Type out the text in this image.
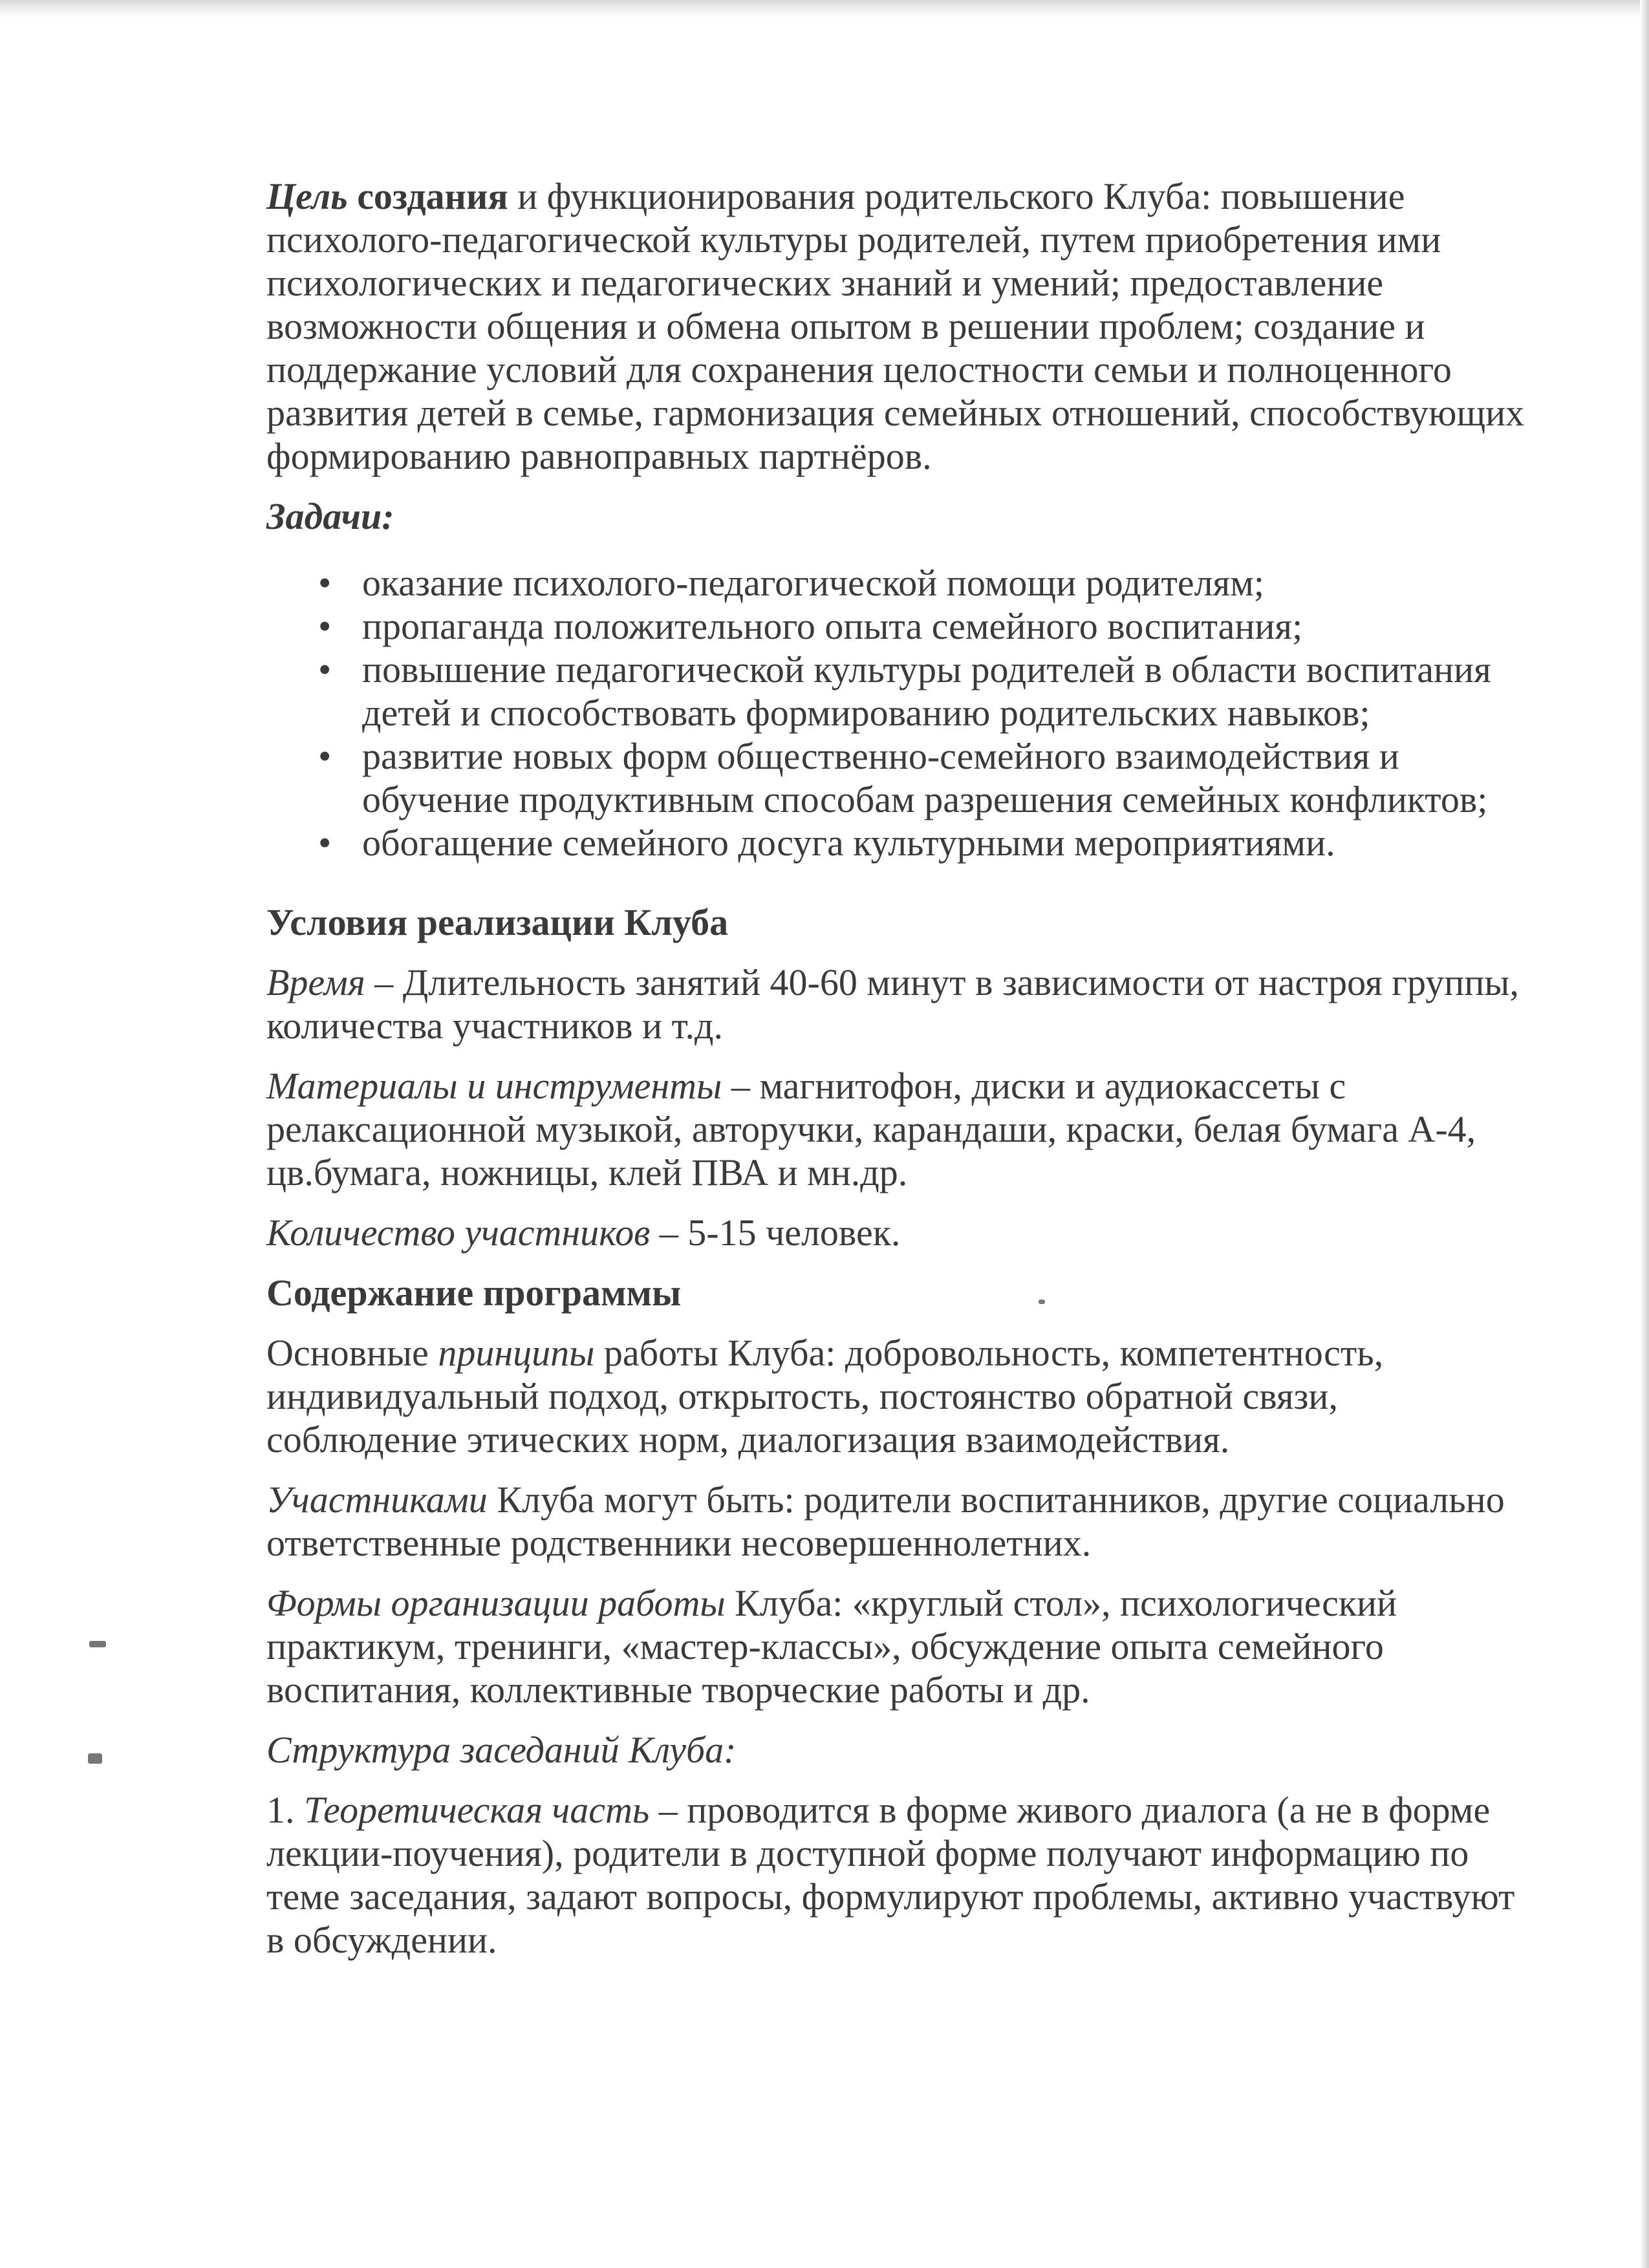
Цель создания и функционирования родительского Клуба: повышение психолого-педагогической культуры родителей, путем приобретения ими психологических и педагогических знаний и умений; предоставление возможности общения и обмена опытом в решении проблем; создание и поддержание условий для сохранения целостности семьи и полноценного развития детей в семье, гармонизация семейных отношений, способствующих формированию равноправных партнёров.

Задачи:

• оказание психолого-педагогической помощи родителям;
• пропаганда положительного опыта семейного воспитания;
• повышение педагогической культуры родителей в области воспитания детей и способствовать формированию родительских навыков;
• развитие новых форм общественно-семейного взаимодействия и обучение продуктивным способам разрешения семейных конфликтов;
• обогащение семейного досуга культурными мероприятиями.

Условия реализации Клуба

Время – Длительность занятий 40-60 минут в зависимости от настроя группы, количества участников и т.д.

Материалы и инструменты – магнитофон, диски и аудиокассеты с релаксационной музыкой, авторучки, карандаши, краски, белая бумага А-4, цв.бумага, ножницы, клей ПВА и мн.др.

Количество участников – 5-15 человек.

Содержание программы

Основные принципы работы Клуба: добровольность, компетентность, индивидуальный подход, открытость, постоянство обратной связи, соблюдение этических норм, диалогизация взаимодействия.

Участниками Клуба могут быть: родители воспитанников, другие социально ответственные родственники несовершеннолетних.

Формы организации работы Клуба: «круглый стол», психологический практикум, тренинги, «мастер-классы», обсуждение опыта семейного воспитания, коллективные творческие работы и др.

Структура заседаний Клуба:

1. Теоретическая часть – проводится в форме живого диалога (а не в форме лекции-поучения), родители в доступной форме получают информацию по теме заседания, задают вопросы, формулируют проблемы, активно участвуют в обсуждении.
